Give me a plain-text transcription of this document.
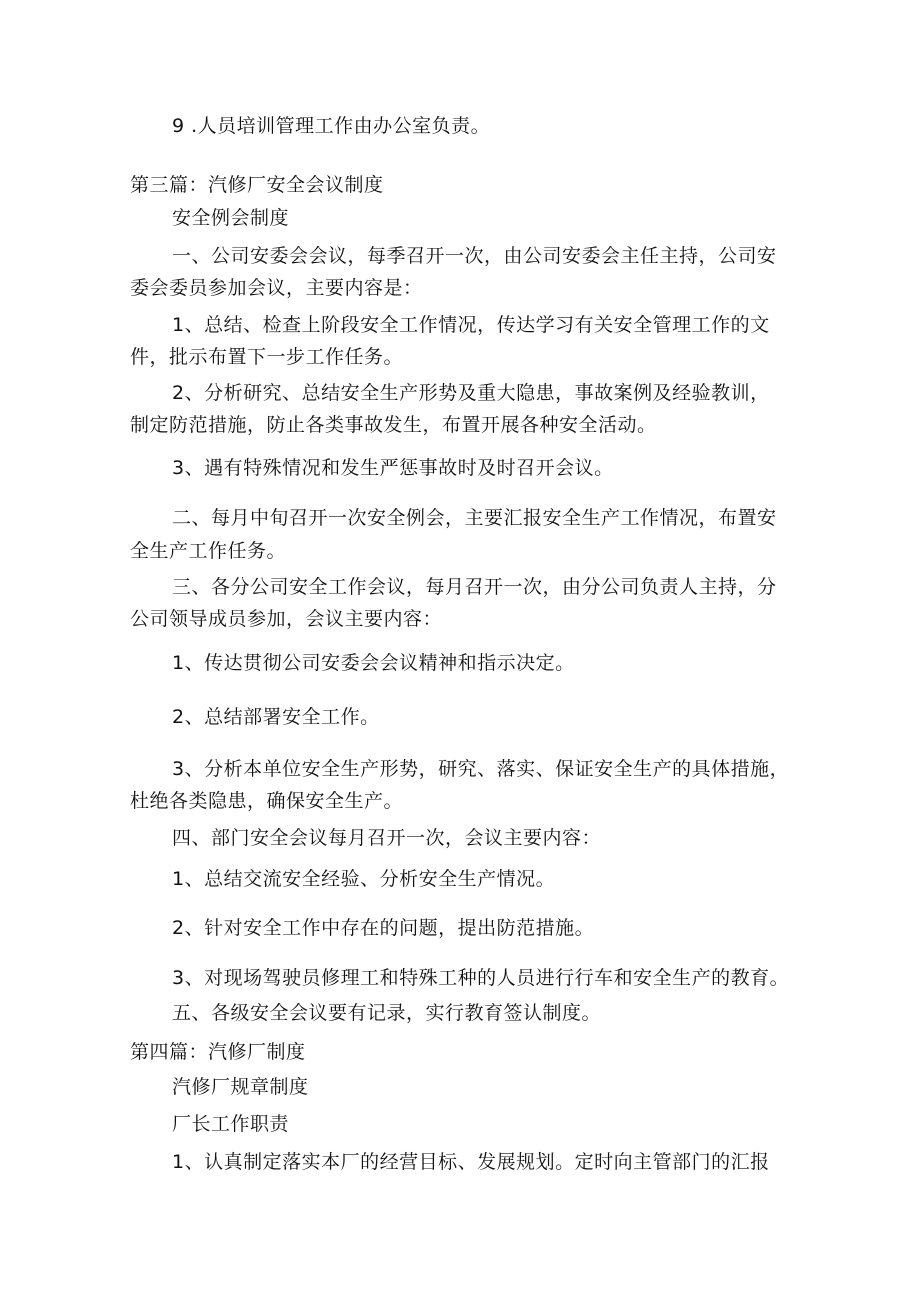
9 .人员培训管理工作由办公室负责。
第三篇：汽修厂安全会议制度
安全例会制度
一、公司安委会会议，每季召开一次，由公司安委会主任主持，公司安
委会委员参加会议，主要内容是：
1、总结、检查上阶段安全工作情况，传达学习有关安全管理工作的文
件，批示布置下一步工作任务。
2、分析研究、总结安全生产形势及重大隐患，事故案例及经验教训，
制定防范措施，防止各类事故发生，布置开展各种安全活动。
3、遇有特殊情况和发生严惩事故时及时召开会议。
二、每月中旬召开一次安全例会，主要汇报安全生产工作情况，布置安
全生产工作任务。
三、各分公司安全工作会议，每月召开一次，由分公司负责人主持，分
公司领导成员参加，会议主要内容：
1、传达贯彻公司安委会会议精神和指示决定。
2、总结部署安全工作。
3、分析本单位安全生产形势，研究、落实、保证安全生产的具体措施，
杜绝各类隐患，确保安全生产。
四、部门安全会议每月召开一次，会议主要内容：
1、总结交流安全经验、分析安全生产情况。
2、针对安全工作中存在的问题，提出防范措施。
3、对现场驾驶员修理工和特殊工种的人员进行行车和安全生产的教育。
五、各级安全会议要有记录，实行教育签认制度。
第四篇：汽修厂制度
汽修厂规章制度
厂长工作职责
1、认真制定落实本厂的经营目标、发展规划。定时向主管部门的汇报
